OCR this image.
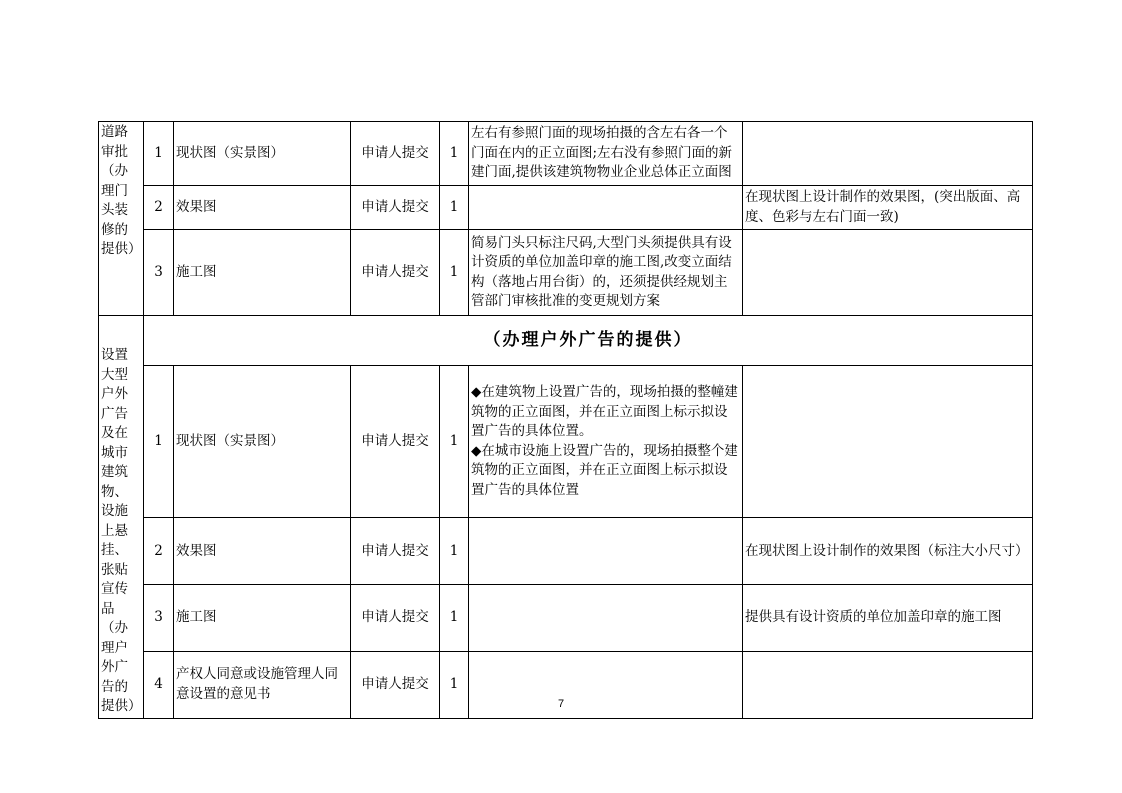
道路审批（办理门头装修的提供）	1	现状图（实景图）	申请人提交	1	左右有参照门面的现场拍摄的含左右各一个门面在内的正立面图;左右没有参照门面的新建门面,提供该建筑物物业企业总体正立面图	
	2	效果图	申请人提交	1		在现状图上设计制作的效果图，(突出版面、高度、色彩与左右门面一致)
	3	施工图	申请人提交	1	简易门头只标注尺码,大型门头须提供具有设计资质的单位加盖印章的施工图,改变立面结构（落地占用台街）的，还须提供经规划主管部门审核批准的变更规划方案	
设置大型户外广告及在城市建筑物、设施上悬挂、张贴宣传品（办理户外广告的提供）	（办理户外广告的提供）					
	1	现状图（实景图）	申请人提交	1	◆在建筑物上设置广告的，现场拍摄的整幢建筑物的正立面图，并在正立面图上标示拟设置广告的具体位置。
◆在城市设施上设置广告的，现场拍摄整个建筑物的正立面图，并在正立面图上标示拟设置广告的具体位置	
	2	效果图	申请人提交	1		在现状图上设计制作的效果图（标注大小尺寸）
	3	施工图	申请人提交	1		提供具有设计资质的单位加盖印章的施工图
	4	产权人同意或设施管理人同意设置的意见书	申请人提交	1		
7
